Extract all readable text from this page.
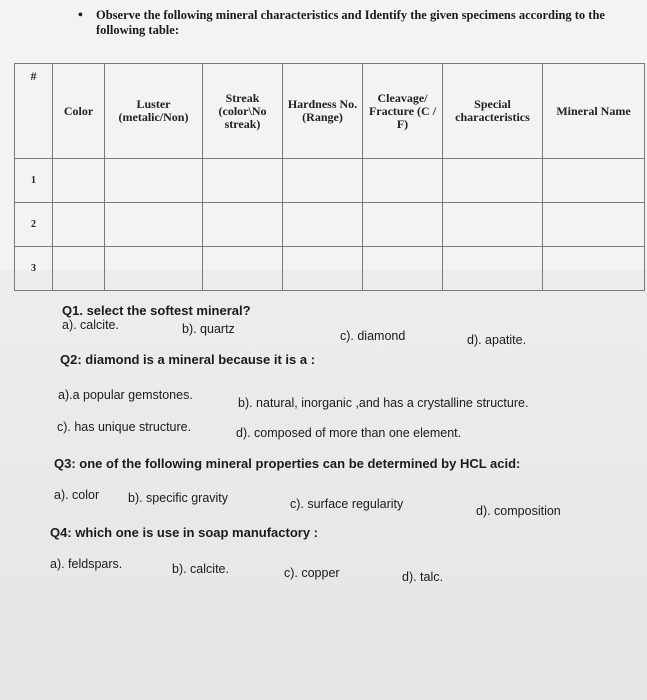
• Observe the following mineral characteristics and Identify the given specimens according to the following table:
#	Color	Luster (metalic/Non)	Streak (color\No streak)	Hardness No. (Range)	Cleavage/ Fracture (C / F)	Special characteristics	Mineral Name
1							
2							
3							
Q1. select the softest mineral?
a). calcite.	b). quartz	c). diamond	d). apatite.
Q2: diamond is a mineral because it is a :
a).a popular gemstones.
b). natural, inorganic ,and has a crystalline structure.
c). has unique structure.	d). composed of more than one element.
Q3: one of the following mineral properties can be determined by HCL acid:
a). color b). specific gravity	c). surface regularity	d). composition
Q4: which one is use in soap manufactory :
a). feldspars.	b). calcite.	c). copper	d). talc.
